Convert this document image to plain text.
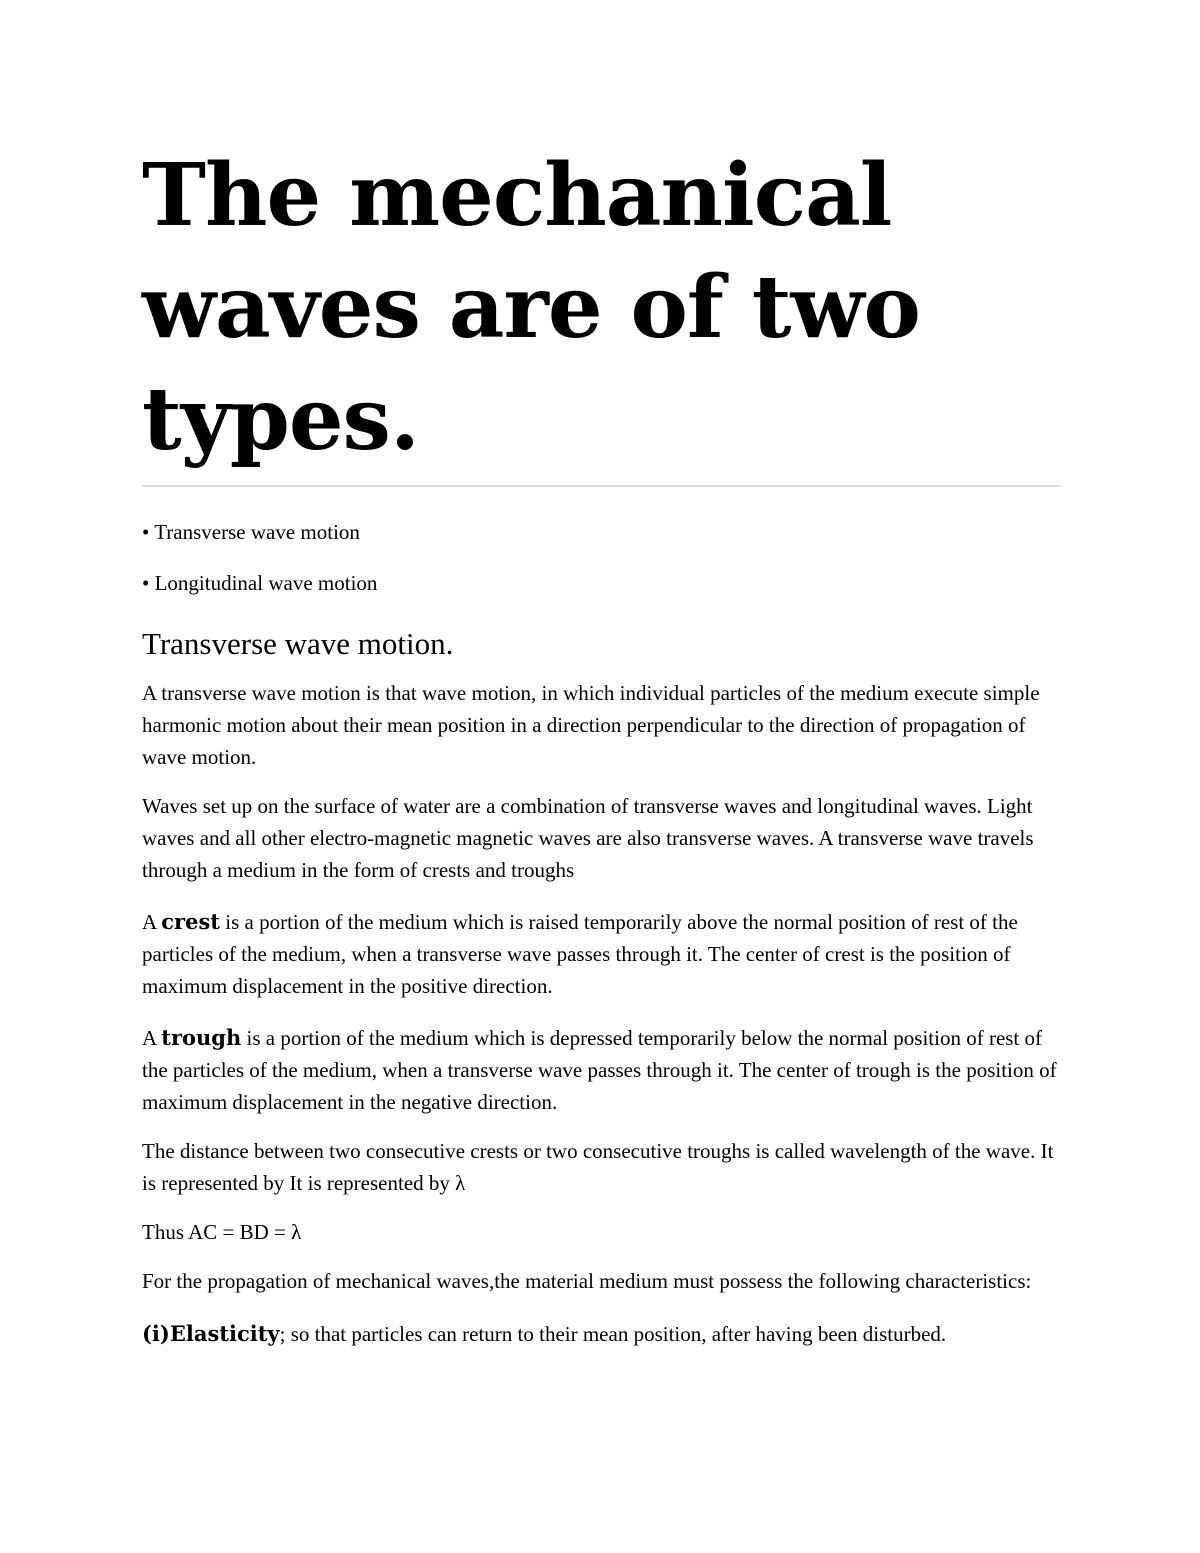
The mechanical
waves are of two
types.

• Transverse wave motion

• Longitudinal wave motion

Transverse wave motion.

A transverse wave motion is that wave motion, in which individual particles of the medium execute simple harmonic motion about their mean position in a direction perpendicular to the direction of propagation of wave motion.

Waves set up on the surface of water are a combination of transverse waves and longitudinal waves. Light waves and all other electro-magnetic magnetic waves are also transverse waves. A transverse wave travels through a medium in the form of crests and troughs

A crest is a portion of the medium which is raised temporarily above the normal position of rest of the particles of the medium, when a transverse wave passes through it. The center of crest is the position of maximum displacement in the positive direction.

A trough is a portion of the medium which is depressed temporarily below the normal position of rest of the particles of the medium, when a transverse wave passes through it. The center of trough is the position of maximum displacement in the negative direction.

The distance between two consecutive crests or two consecutive troughs is called wavelength of the wave. It is represented by It is represented by λ

Thus AC = BD = λ

For the propagation of mechanical waves,the material medium must possess the following characteristics:

(i)Elasticity; so that particles can return to their mean position, after having been disturbed.
